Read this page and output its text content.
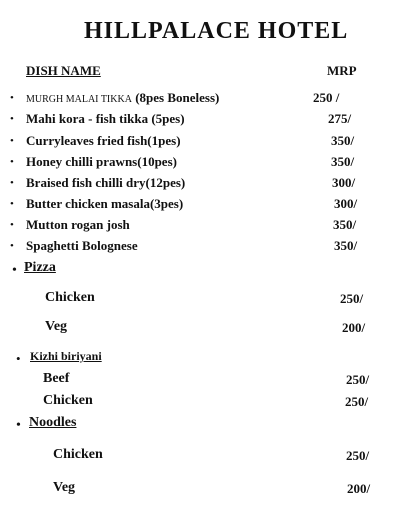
HILLPALACE HOTEL
DISH NAME	MRP
• MURGH MALAI TIKKA (8pes Boneless)	250 /
• Mahi kora - fish tikka (5pes)	275/
• Curryleaves fried fish(1pes)	350/
• Honey chilli prawns(10pes)	350/
• Braised fish chilli dry(12pes)	300/
• Butter chicken masala(3pes)	300/
• Mutton rogan josh	350/
• Spaghetti Bolognese	350/
• Pizza
Chicken	250/
Veg	200/
• Kizhi biriyani
Beef	250/
Chicken	250/
• Noodles
Chicken	250/
Veg	200/
